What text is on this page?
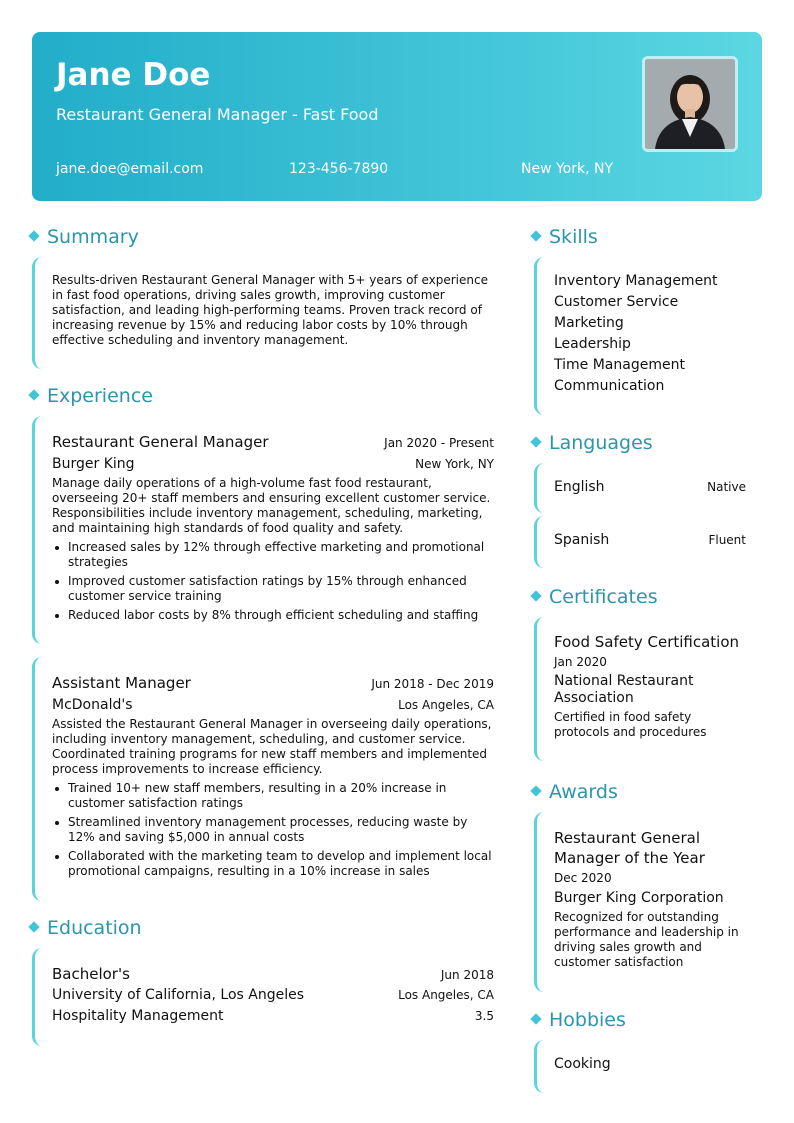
Jane Doe
Restaurant General Manager - Fast Food
jane.doe@email.com	123-456-7890	New York, NY
Summary
Results-driven Restaurant General Manager with 5+ years of experience in fast food operations, driving sales growth, improving customer satisfaction, and leading high-performing teams. Proven track record of increasing revenue by 15% and reducing labor costs by 10% through effective scheduling and inventory management.
Experience
Restaurant General Manager	Jan 2020 - Present
Burger King	New York, NY
Manage daily operations of a high-volume fast food restaurant, overseeing 20+ staff members and ensuring excellent customer service. Responsibilities include inventory management, scheduling, marketing, and maintaining high standards of food quality and safety.
Increased sales by 12% through effective marketing and promotional strategies
Improved customer satisfaction ratings by 15% through enhanced customer service training
Reduced labor costs by 8% through efficient scheduling and staffing
Assistant Manager	Jun 2018 - Dec 2019
McDonald's	Los Angeles, CA
Assisted the Restaurant General Manager in overseeing daily operations, including inventory management, scheduling, and customer service. Coordinated training programs for new staff members and implemented process improvements to increase efficiency.
Trained 10+ new staff members, resulting in a 20% increase in customer satisfaction ratings
Streamlined inventory management processes, reducing waste by 12% and saving $5,000 in annual costs
Collaborated with the marketing team to develop and implement local promotional campaigns, resulting in a 10% increase in sales
Education
Bachelor's	Jun 2018
University of California, Los Angeles	Los Angeles, CA
Hospitality Management	3.5
Skills
Inventory Management
Customer Service
Marketing
Leadership
Time Management
Communication
Languages
English	Native
Spanish	Fluent
Certificates
Food Safety Certification
Jan 2020
National Restaurant Association
Certified in food safety protocols and procedures
Awards
Restaurant General Manager of the Year
Dec 2020
Burger King Corporation
Recognized for outstanding performance and leadership in driving sales growth and customer satisfaction
Hobbies
Cooking
